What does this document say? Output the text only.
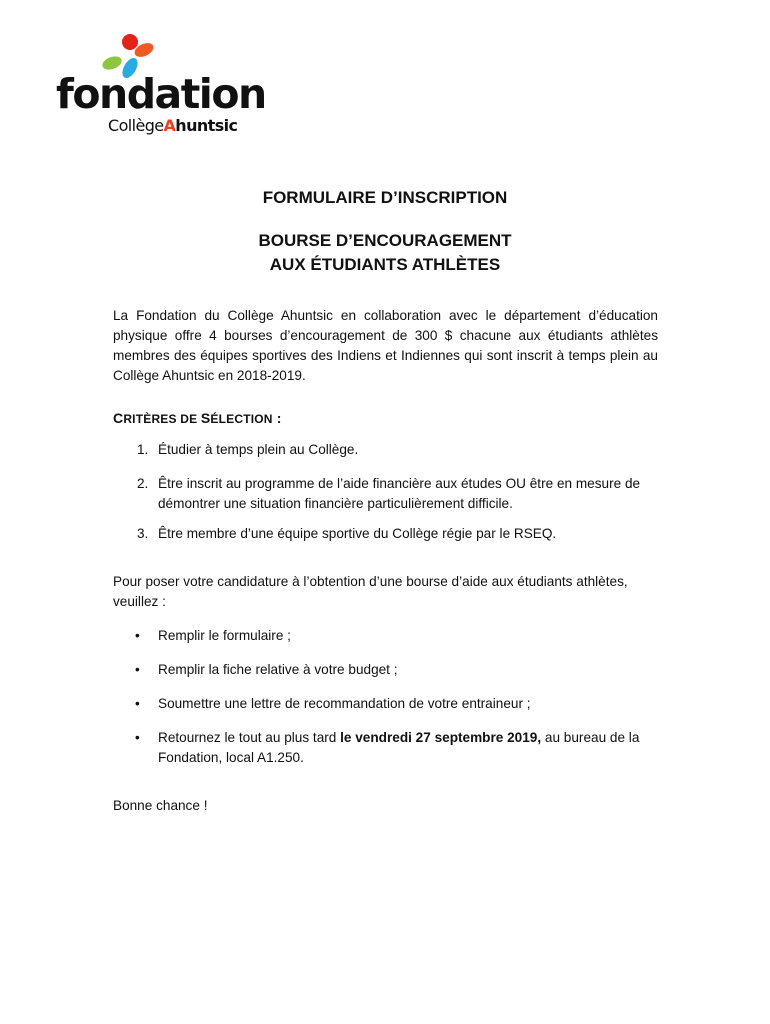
fondation
CollègeAhuntsic
FORMULAIRE D’INSCRIPTION
BOURSE D’ENCOURAGEMENT
AUX ÉTUDIANTS ATHLÈTES

La Fondation du Collège Ahuntsic en collaboration avec le département d’éducation physique offre 4 bourses d’encouragement de 300 $ chacune aux étudiants athlètes membres des équipes sportives des Indiens et Indiennes qui sont inscrit à temps plein au Collège Ahuntsic en 2018-2019.

CRITÈRES DE SÉLECTION :

1. Étudier à temps plein au Collège.
2. Être inscrit au programme de l’aide financière aux études OU être en mesure de démontrer une situation financière particulièrement difficile.
3. Être membre d’une équipe sportive du Collège régie par le RSEQ.

Pour poser votre candidature à l’obtention d’une bourse d’aide aux étudiants athlètes, veuillez :

• Remplir le formulaire ;
• Remplir la fiche relative à votre budget ;
• Soumettre une lettre de recommandation de votre entraineur ;
• Retournez le tout au plus tard le vendredi 27 septembre 2019, au bureau de la Fondation, local A1.250.

Bonne chance !
